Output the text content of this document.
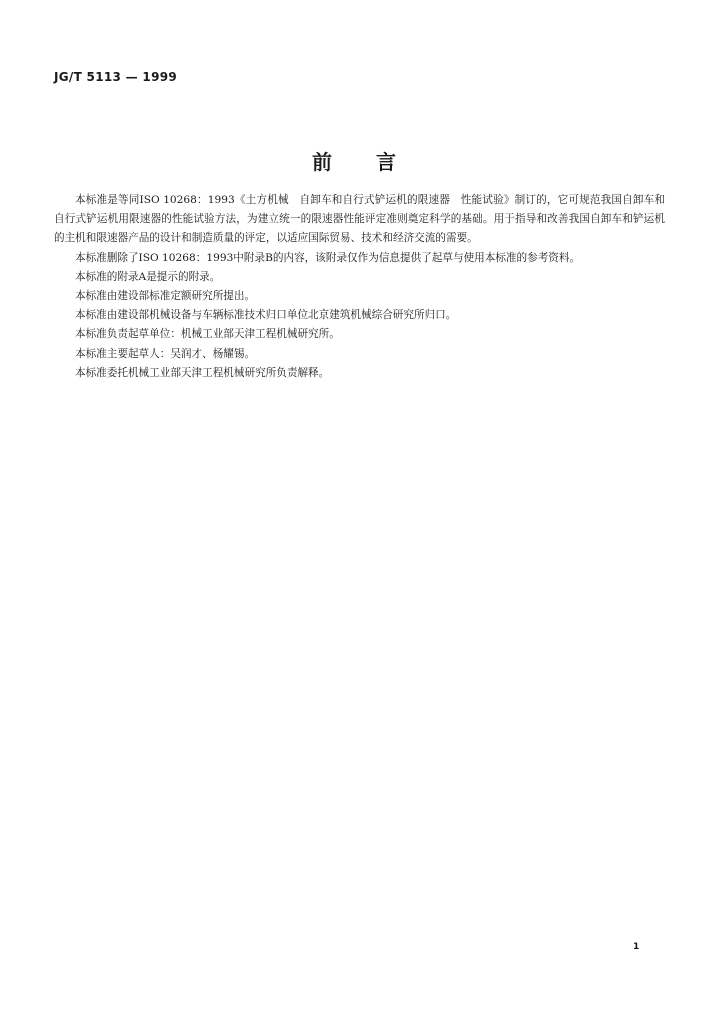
JG/T 5113 — 1999
前 言

本标准是等同ISO 10268：1993《土方机械　自卸车和自行式铲运机的限速器　性能试验》制订的，它可规范我国自卸车和自行式铲运机用限速器的性能试验方法，为建立统一的限速器性能评定准则奠定科学的基础。用于指导和改善我国自卸车和铲运机的主机和限速器产品的设计和制造质量的评定，以适应国际贸易、技术和经济交流的需要。

本标准删除了ISO 10268：1993中附录B的内容，该附录仅作为信息提供了起草与使用本标准的参考资料。

本标准的附录A是提示的附录。

本标准由建设部标准定额研究所提出。

本标准由建设部机械设备与车辆标准技术归口单位北京建筑机械综合研究所归口。

本标准负责起草单位：机械工业部天津工程机械研究所。

本标准主要起草人：吴润才、杨耀锡。

本标准委托机械工业部天津工程机械研究所负责解释。

1
